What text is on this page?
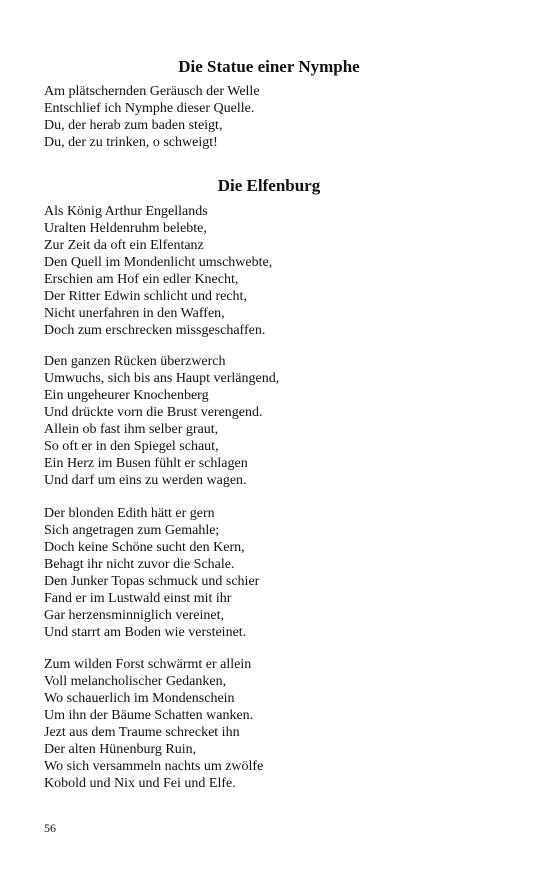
Die Statue einer Nymphe
Am plätschernden Geräusch der Welle
Entschlief ich Nymphe dieser Quelle.
Du, der herab zum baden steigt,
Du, der zu trinken, o schweigt!
Die Elfenburg
Als König Arthur Engellands
Uralten Heldenruhm belebte,
Zur Zeit da oft ein Elfentanz
Den Quell im Mondenlicht umschwebte,
Erschien am Hof ein edler Knecht,
Der Ritter Edwin schlicht und recht,
Nicht unerfahren in den Waffen,
Doch zum erschrecken missgeschaffen.
Den ganzen Rücken überzwerch
Umwuchs, sich bis ans Haupt verlängend,
Ein ungeheurer Knochenberg
Und drückte vorn die Brust verengend.
Allein ob fast ihm selber graut,
So oft er in den Spiegel schaut,
Ein Herz im Busen fühlt er schlagen
Und darf um eins zu werden wagen.
Der blonden Edith hätt er gern
Sich angetragen zum Gemahle;
Doch keine Schöne sucht den Kern,
Behagt ihr nicht zuvor die Schale.
Den Junker Topas schmuck und schier
Fand er im Lustwald einst mit ihr
Gar herzensminniglich vereinet,
Und starrt am Boden wie versteinet.
Zum wilden Forst schwärmt er allein
Voll melancholischer Gedanken,
Wo schauerlich im Mondenschein
Um ihn der Bäume Schatten wanken.
Jezt aus dem Traume schrecket ihn
Der alten Hünenburg Ruin,
Wo sich versammeln nachts um zwölfe
Kobold und Nix und Fei und Elfe.
56
